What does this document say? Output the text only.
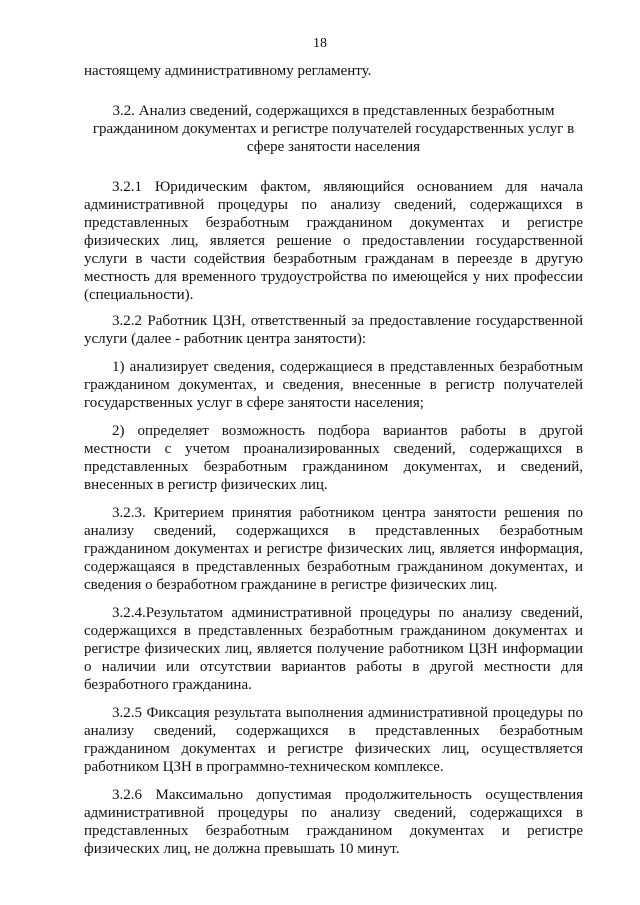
18
настоящему административному регламенту.
3.2. Анализ сведений, содержащихся в представленных безработным
гражданином документах и регистре получателей государственных услуг в
сфере занятости населения
3.2.1 Юридическим фактом, являющийся основанием для начала
административной процедуры по анализу сведений, содержащихся в
представленных безработным гражданином документах и регистре
физических лиц, является решение о предоставлении государственной
услуги в части содействия безработным гражданам в переезде в другую
местность для временного трудоустройства по имеющейся у них профессии
(специальности).
3.2.2 Работник ЦЗН, ответственный за предоставление государственной
услуги (далее - работник центра занятости):
1) анализирует сведения, содержащиеся в представленных безработным
гражданином документах, и сведения, внесенные в регистр получателей
государственных услуг в сфере занятости населения;
2) определяет возможность подбора вариантов работы в другой
местности с учетом проанализированных сведений, содержащихся в
представленных безработным гражданином документах, и сведений,
внесенных в регистр физических лиц.
3.2.3. Критерием принятия работником центра занятости решения по
анализу сведений, содержащихся в представленных безработным
гражданином документах и регистре физических лиц, является информация,
содержащаяся в представленных безработным гражданином документах, и
сведения о безработном гражданине в регистре физических лиц.
3.2.4.Результатом административной процедуры по анализу сведений,
содержащихся в представленных безработным гражданином документах и
регистре физических лиц, является получение работником ЦЗН информации
о наличии или отсутствии вариантов работы в другой местности для
безработного гражданина.
3.2.5 Фиксация результата выполнения административной процедуры по
анализу сведений, содержащихся в представленных безработным
гражданином документах и регистре физических лиц, осуществляется
работником ЦЗН в программно-техническом комплексе.
3.2.6 Максимально допустимая продолжительность осуществления
административной процедуры по анализу сведений, содержащихся в
представленных безработным гражданином документах и регистре
физических лиц, не должна превышать 10 минут.
